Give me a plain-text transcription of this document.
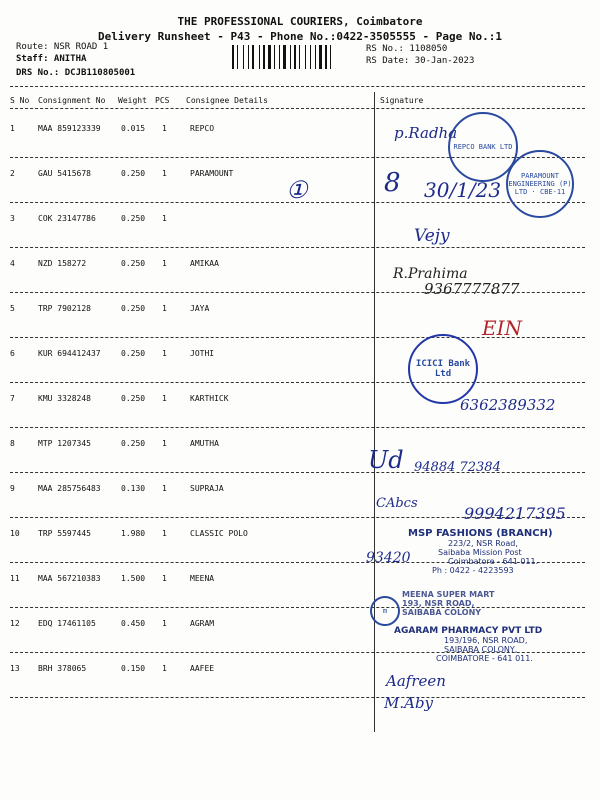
THE PROFESSIONAL COURIERS, Coimbatore
Delivery Runsheet - P43 - Phone No.:0422-3505555 - Page No.:1
Route: NSR ROAD 1
Staff: ANITHA
DRS No.: DCJB110805001
RS No.: 1108050
RS Date: 30-Jan-2023
S No Consignment No Weight PCS Consignee Details	Signature
1	MAA 859123339	0.015 1	REPCO
2	GAU 5415678	0.250 1	PARAMOUNT
3	COK 23147786	0.250 1
4	NZD 158272	0.250 1	AMIKAA
5	TRP 7902128	0.250 1	JAYA
6	KUR 694412437	0.250 1	JOTHI
7	KMU 3328248	0.250 1	KARTHICK
8	MTP 1207345	0.250 1	AMUTHA
9	MAA 285756483	0.130 1	SUPRAJA
10 TRP 5597445	1.980 1	CLASSIC POLO
11 MAA 567210383	1.500 1	MEENA
12 EDQ 17461105	0.450 1	AGRAM
13 BRH 378065	0.150 1	AAFEE
REPCO BANK LTD
PARAMOUNT ENGINEERING (P) LTD · CBE-11
ICICI Bank Ltd
MSP FASHIONS (BRANCH)
223/2, NSR Road,
Saibaba Mission Post
Coimbatore - 641 011.
Ph : 0422 - 4223593
m
MEENA SUPER MART
193, NSR ROAD,
SAIBABA COLONY
AGARAM PHARMACY PVT LTD
193/196, NSR ROAD,
SAIBABA COLONY,
COIMBATORE - 641 011.
p.Radha
①	8 30/1/23
Vejy
R.Prahima
9367777877
EIN
6362389332
Ud 94884 72384
CAbcs
9994217395
93420
Aafreen
M.Aby
